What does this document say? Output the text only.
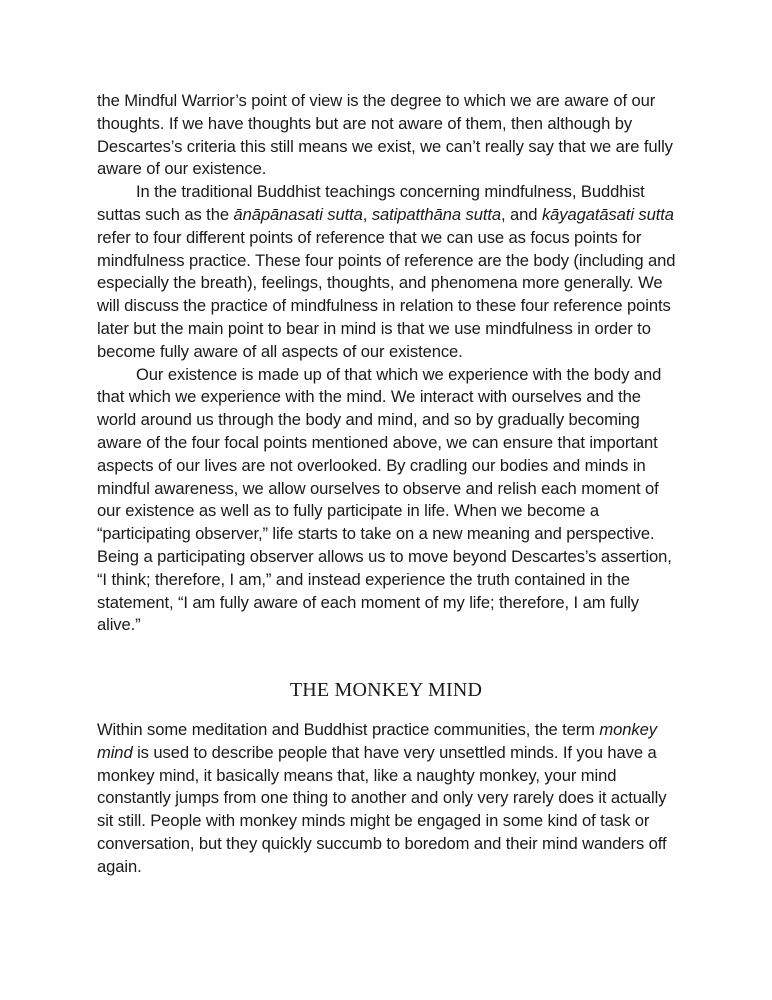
the Mindful Warrior’s point of view is the degree to which we are aware of our thoughts. If we have thoughts but are not aware of them, then although by Descartes’s criteria this still means we exist, we can’t really say that we are fully aware of our existence.

In the traditional Buddhist teachings concerning mindfulness, Buddhist suttas such as the ānāpānasati sutta, satipatthāna sutta, and kāyagatāsati sutta refer to four different points of reference that we can use as focus points for mindfulness practice. These four points of reference are the body (including and especially the breath), feelings, thoughts, and phenomena more generally. We will discuss the practice of mindfulness in relation to these four reference points later but the main point to bear in mind is that we use mindfulness in order to become fully aware of all aspects of our existence.

Our existence is made up of that which we experience with the body and that which we experience with the mind. We interact with ourselves and the world around us through the body and mind, and so by gradually becoming aware of the four focal points mentioned above, we can ensure that important aspects of our lives are not overlooked. By cradling our bodies and minds in mindful awareness, we allow ourselves to observe and relish each moment of our existence as well as to fully participate in life. When we become a “participating observer,” life starts to take on a new meaning and perspective. Being a participating observer allows us to move beyond Descartes’s assertion, “I think; therefore, I am,” and instead experience the truth contained in the statement, “I am fully aware of each moment of my life; therefore, I am fully alive.”

THE MONKEY MIND

Within some meditation and Buddhist practice communities, the term monkey mind is used to describe people that have very unsettled minds. If you have a monkey mind, it basically means that, like a naughty monkey, your mind constantly jumps from one thing to another and only very rarely does it actually sit still. People with monkey minds might be engaged in some kind of task or conversation, but they quickly succumb to boredom and their mind wanders off again.
